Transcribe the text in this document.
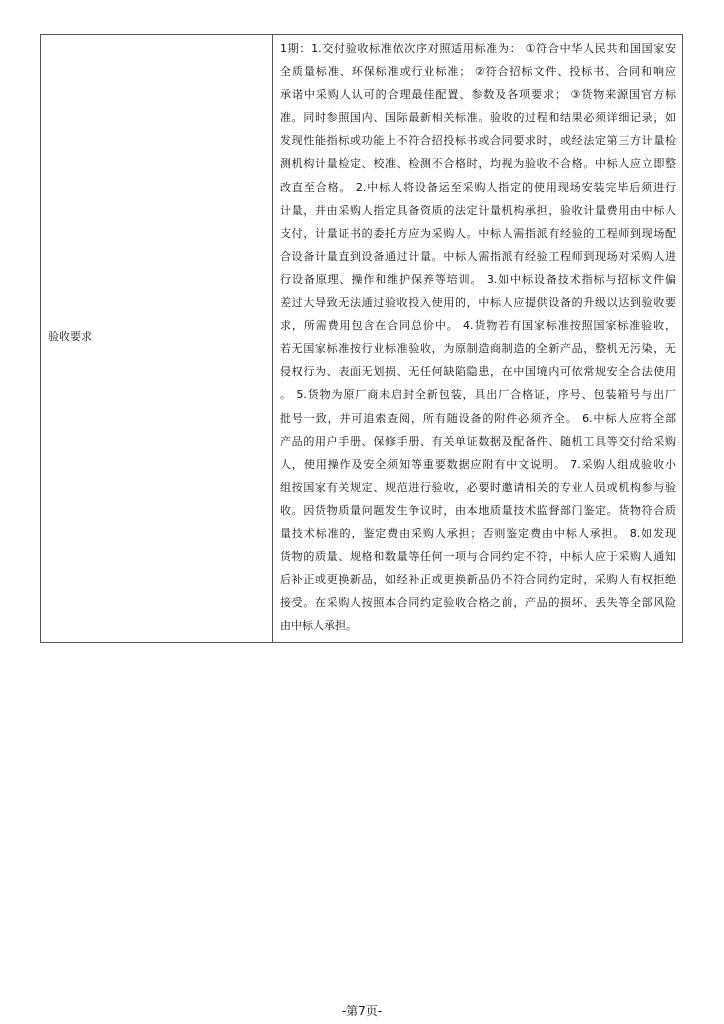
验收要求
1期：1.交付验收标准依次序对照适用标准为： ①符合中华人民共和国国家安
全质量标准、环保标准或行业标准； ②符合招标文件、投标书、合同和响应
承诺中采购人认可的合理最佳配置、参数及各项要求； ③货物来源国官方标
准。同时参照国内、国际最新相关标准。验收的过程和结果必须详细记录，如
发现性能指标或功能上不符合招投标书或合同要求时，或经法定第三方计量检
测机构计量检定、校准、检测不合格时，均视为验收不合格。中标人应立即整
改直至合格。 2.中标人将设备运至采购人指定的使用现场安装完毕后须进行
计量，并由采购人指定具备资质的法定计量机构承担，验收计量费用由中标人
支付，计量证书的委托方应为采购人。中标人需指派有经验的工程师到现场配
合设备计量直到设备通过计量。中标人需指派有经验工程师到现场对采购人进
行设备原理、操作和维护保养等培训。 3.如中标设备技术指标与招标文件偏
差过大导致无法通过验收投入使用的，中标人应提供设备的升级以达到验收要
求，所需费用包含在合同总价中。 4.货物若有国家标准按照国家标准验收，
若无国家标准按行业标准验收，为原制造商制造的全新产品，整机无污染，无
侵权行为、表面无划损、无任何缺陷隐患，在中国境内可依常规安全合法使用
。 5.货物为原厂商未启封全新包装，具出厂合格证，序号、包装箱号与出厂
批号一致，并可追索查阅，所有随设备的附件必须齐全。 6.中标人应将全部
产品的用户手册、保修手册、有关单证数据及配备件、随机工具等交付给采购
人，使用操作及安全须知等重要数据应附有中文说明。 7.采购人组成验收小
组按国家有关规定、规范进行验收，必要时邀请相关的专业人员或机构参与验
收。因货物质量问题发生争议时，由本地质量技术监督部门鉴定。货物符合质
量技术标准的，鉴定费由采购人承担；否则鉴定费由中标人承担。 8.如发现
货物的质量、规格和数量等任何一项与合同约定不符，中标人应于采购人通知
后补正或更换新品，如经补正或更换新品仍不符合同约定时，采购人有权拒绝
接受。在采购人按照本合同约定验收合格之前，产品的损坏、丢失等全部风险
由中标人承担。
-第7页-
